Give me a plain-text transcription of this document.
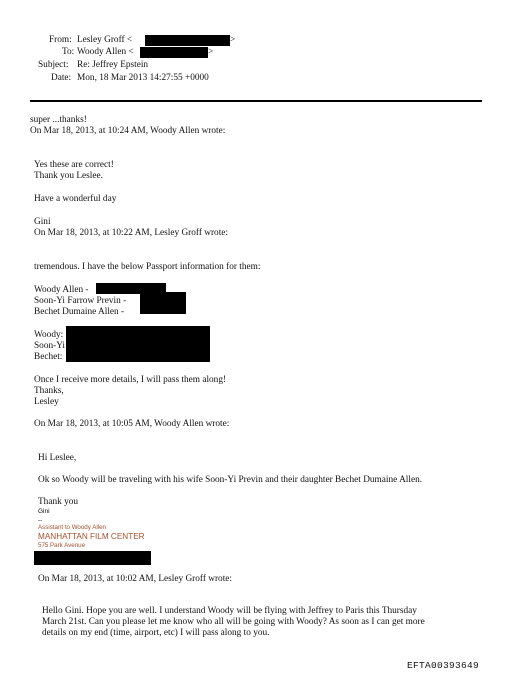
From: Lesley Groff <	>
To: Woody Allen <	>
Subject: Re: Jeffrey Epstein
Date: Mon, 18 Mar 2013 14:27:55 +0000
super ...thanks!
On Mar 18, 2013, at 10:24 AM, Woody Allen wrote:
Yes these are correct!
Thank you Leslee.
Have a wonderful day
Gini
On Mar 18, 2013, at 10:22 AM, Lesley Groff wrote:
tremendous. I have the below Passport information for them:
Woody Allen -
Soon-Yi Farrow Previn -
Bechet Dumaine Allen -
Woody:
Soon-Yi
Bechet:
Once I receive more details, I will pass them along!
Thanks,
Lesley
On Mar 18, 2013, at 10:05 AM, Woody Allen wrote:
Hi Leslee,
Ok so Woody will be traveling with his wife Soon-Yi Previn and their daughter Bechet Dumaine Allen.
Thank you
Gini
--
Assistant to Woody Allen
MANHATTAN FILM CENTER
575 Park Avenue
On Mar 18, 2013, at 10:02 AM, Lesley Groff wrote:
Hello Gini. Hope you are well. I understand Woody will be flying with Jeffrey to Paris this Thursday
March 21st. Can you please let me know who all will be going with Woody? As soon as I can get more
details on my end (time, airport, etc) I will pass along to you.
EFTA00393649
